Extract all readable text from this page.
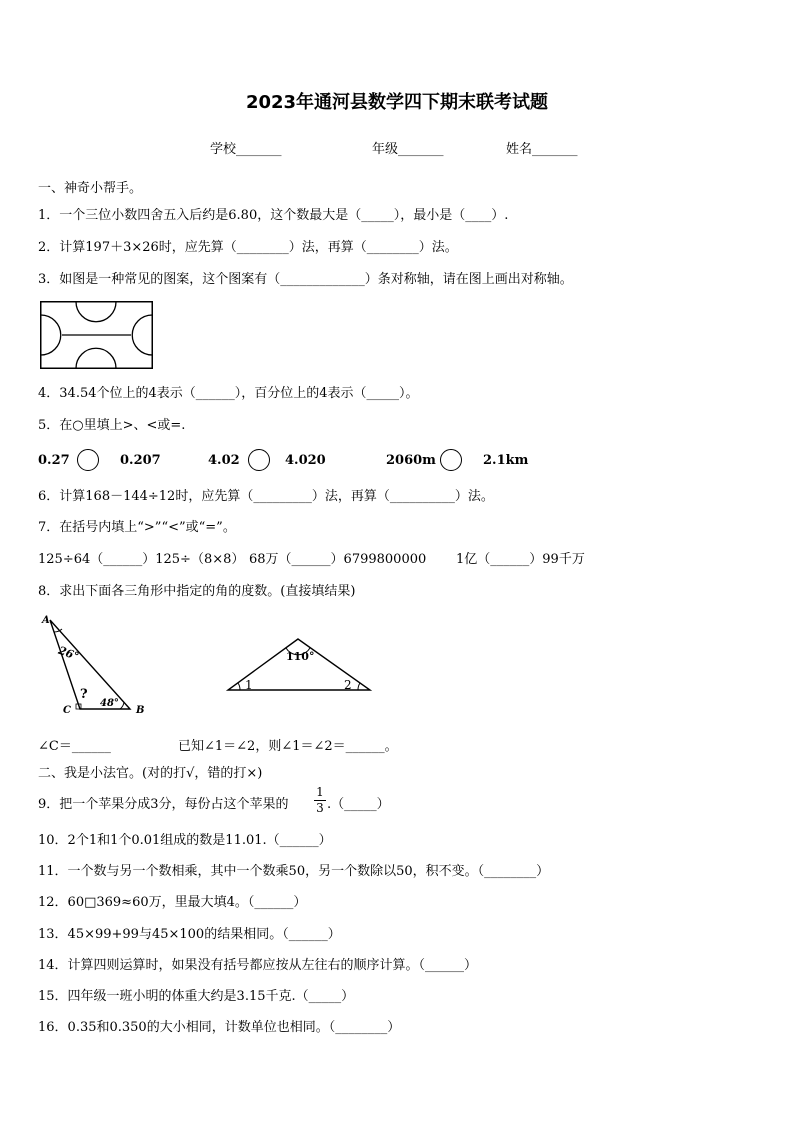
2023年通河县数学四下期末联考试题
学校_______	年级_______	姓名_______
一、神奇小帮手。
1．一个三位小数四舍五入后约是6.80，这个数最大是（_____），最小是（____）.
2．计算197＋3×26时，应先算（________）法，再算（________）法。
3．如图是一种常见的图案，这个图案有（_____________）条对称轴，请在图上画出对称轴。
4．34.54个位上的4表示（______），百分位上的4表示（_____）。
5．在○里填上>、<或=.
0.27	0.207	4.02	4.020	2060m	2.1km
6．计算168－144÷12时，应先算（_________）法，再算（__________）法。
7．在括号内填上“>”“<”或“=”。
125÷64（______）125÷（8×8） 68万（______）6799800000 1亿（______）99千万
8．求出下面各三角形中指定的角的度数。(直接填结果)
A
26°
?
48°
C	B
110°
1	2
∠C＝______	已知∠1＝∠2，则∠1＝∠2＝______。
二、我是小法官。(对的打√，错的打×)
9．把一个苹果分成3分，每份占这个苹果的
1
3 .（_____）
10．2个1和1个0.01组成的数是11.01.（______）
11．一个数与另一个数相乘，其中一个数乘50，另一个数除以50，积不变。（________）
12．60□369≈60万，里最大填4。（______）
13．45×99+99与45×100的结果相同。（______）
14．计算四则运算时，如果没有括号都应按从左往右的顺序计算。（______）
15．四年级一班小明的体重大约是3.15千克.（_____）
16．0.35和0.350的大小相同，计数单位也相同。（________）
